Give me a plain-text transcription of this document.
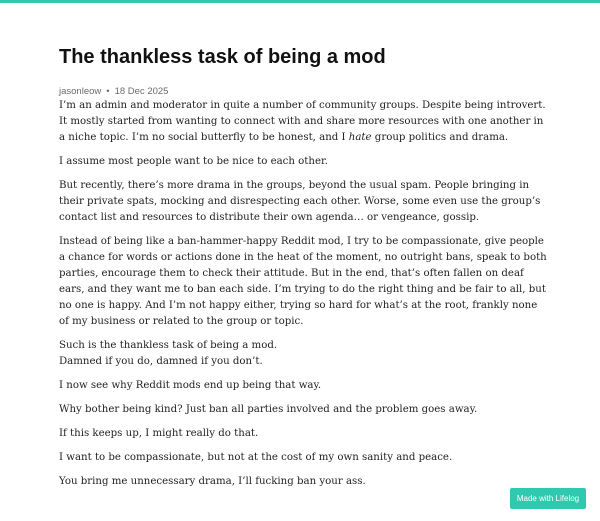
The thankless task of being a mod
jasonleow • 18 Dec 2025

I’m an admin and moderator in quite a number of community groups. Despite being introvert. It mostly started from wanting to connect with and share more resources with one another in a niche topic. I’m no social butterfly to be honest, and I hate group politics and drama.

I assume most people want to be nice to each other.

But recently, there’s more drama in the groups, beyond the usual spam. People bringing in their private spats, mocking and disrespecting each other. Worse, some even use the group’s contact list and resources to distribute their own agenda… or vengeance, gossip.

Instead of being like a ban-hammer-happy Reddit mod, I try to be compassionate, give people a chance for words or actions done in the heat of the moment, no outright bans, speak to both parties, encourage them to check their attitude. But in the end, that’s often fallen on deaf ears, and they want me to ban each side. I’m trying to do the right thing and be fair to all, but no one is happy. And I’m not happy either, trying so hard for what’s at the root, frankly none of my business or related to the group or topic.

Such is the thankless task of being a mod.
Damned if you do, damned if you don’t.

I now see why Reddit mods end up being that way.

Why bother being kind? Just ban all parties involved and the problem goes away.

If this keeps up, I might really do that.

I want to be compassionate, but not at the cost of my own sanity and peace.

You bring me unnecessary drama, I’ll fucking ban your ass.

Made with Lifelog
